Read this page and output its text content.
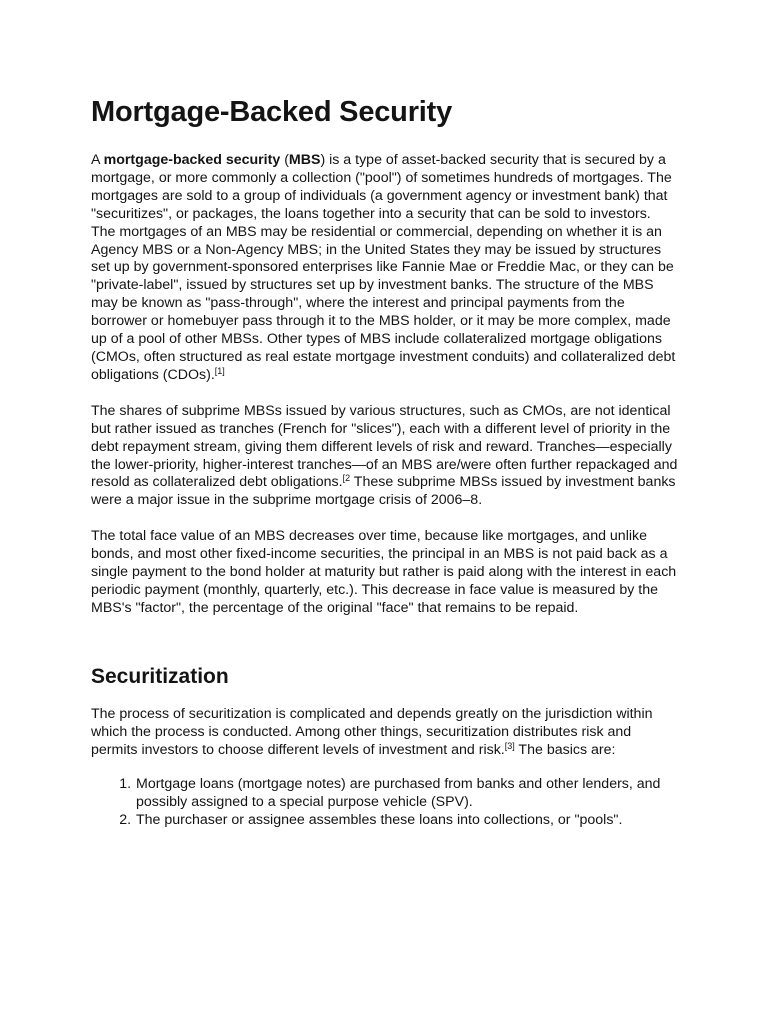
Mortgage-Backed Security

A mortgage-backed security (MBS) is a type of asset-backed security that is secured by a mortgage, or more commonly a collection ("pool") of sometimes hundreds of mortgages. The mortgages are sold to a group of individuals (a government agency or investment bank) that "securitizes", or packages, the loans together into a security that can be sold to investors. The mortgages of an MBS may be residential or commercial, depending on whether it is an Agency MBS or a Non-Agency MBS; in the United States they may be issued by structures set up by government-sponsored enterprises like Fannie Mae or Freddie Mac, or they can be "private-label", issued by structures set up by investment banks. The structure of the MBS may be known as "pass-through", where the interest and principal payments from the borrower or homebuyer pass through it to the MBS holder, or it may be more complex, made up of a pool of other MBSs. Other types of MBS include collateralized mortgage obligations (CMOs, often structured as real estate mortgage investment conduits) and collateralized debt obligations (CDOs).[1]

The shares of subprime MBSs issued by various structures, such as CMOs, are not identical but rather issued as tranches (French for "slices"), each with a different level of priority in the debt repayment stream, giving them different levels of risk and reward. Tranches—especially the lower-priority, higher-interest tranches—of an MBS are/were often further repackaged and resold as collateralized debt obligations.$^{[2}$ These subprime MBSs issued by investment banks were a major issue in the subprime mortgage crisis of 2006–8.

The total face value of an MBS decreases over time, because like mortgages, and unlike bonds, and most other fixed-income securities, the principal in an MBS is not paid back as a single payment to the bond holder at maturity but rather is paid along with the interest in each periodic payment (monthly, quarterly, etc.). This decrease in face value is measured by the MBS's "factor", the percentage of the original "face" that remains to be repaid.

Securitization

The process of securitization is complicated and depends greatly on the jurisdiction within which the process is conducted. Among other things, securitization distributes risk and permits investors to choose different levels of investment and risk.[3] The basics are:

1. Mortgage loans (mortgage notes) are purchased from banks and other lenders, and possibly assigned to a special purpose vehicle (SPV).
2. The purchaser or assignee assembles these loans into collections, or "pools".
